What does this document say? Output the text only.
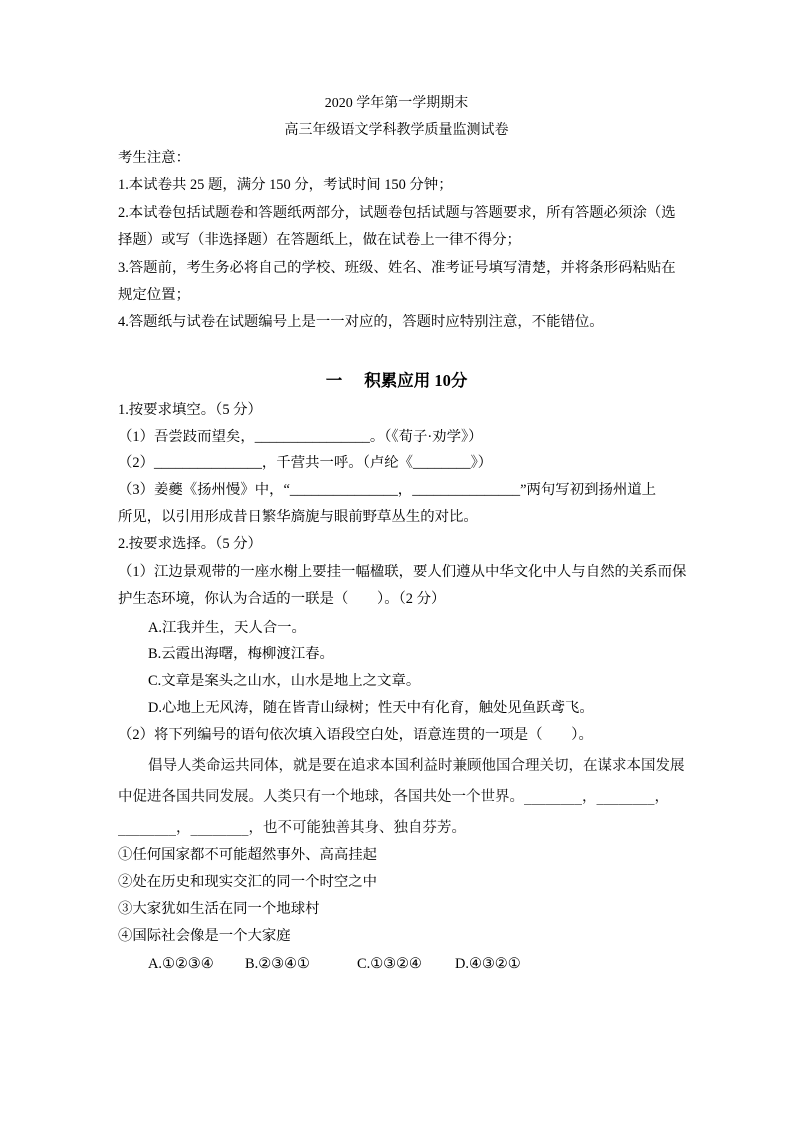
2020 学年第一学期期末
高三年级语文学科教学质量监测试卷
考生注意：
1.本试卷共 25 题，满分 150 分，考试时间 150 分钟；
2.本试卷包括试题卷和答题纸两部分，试题卷包括试题与答题要求，所有答题必须涂（选
择题）或写（非选择题）在答题纸上，做在试卷上一律不得分；
3.答题前，考生务必将自己的学校、班级、姓名、准考证号填写清楚，并将条形码粘贴在
规定位置；
4.答题纸与试卷在试题编号上是一一对应的，答题时应特别注意，不能错位。
一 积累应用 10分
1.按要求填空。（5 分）
（1）吾尝跂而望矣，________________。（《荀子·劝学》）
（2）_______________，千营共一呼。（卢纶《________》）
（3）姜夔《扬州慢》中，“_______________，_______________”两句写初到扬州道上
所见，以引用形成昔日繁华旖旎与眼前野草丛生的对比。
2.按要求选择。（5 分）
（1）江边景观带的一座水榭上要挂一幅楹联，要人们遵从中华文化中人与自然的关系而保
护生态环境，你认为合适的一联是（　　）。（2 分）
A.江我并生，天人合一。
B.云霞出海曙，梅柳渡江春。
C.文章是案头之山水，山水是地上之文章。
D.心地上无风涛，随在皆青山绿树；性天中有化育，触处见鱼跃鸢飞。
（2）将下列编号的语句依次填入语段空白处，语意连贯的一项是（　　）。
倡导人类命运共同体，就是要在追求本国利益时兼顾他国合理关切，在谋求本国发展
中促进各国共同发展。人类只有一个地球，各国共处一个世界。________，________，
________，________，也不可能独善其身、独自芬芳。
①任何国家都不可能超然事外、高高挂起
②处在历史和现实交汇的同一个时空之中
③大家犹如生活在同一个地球村
④国际社会像是一个大家庭
A.①②③④ B.②③④①	C.①③②④ D.④③②①
